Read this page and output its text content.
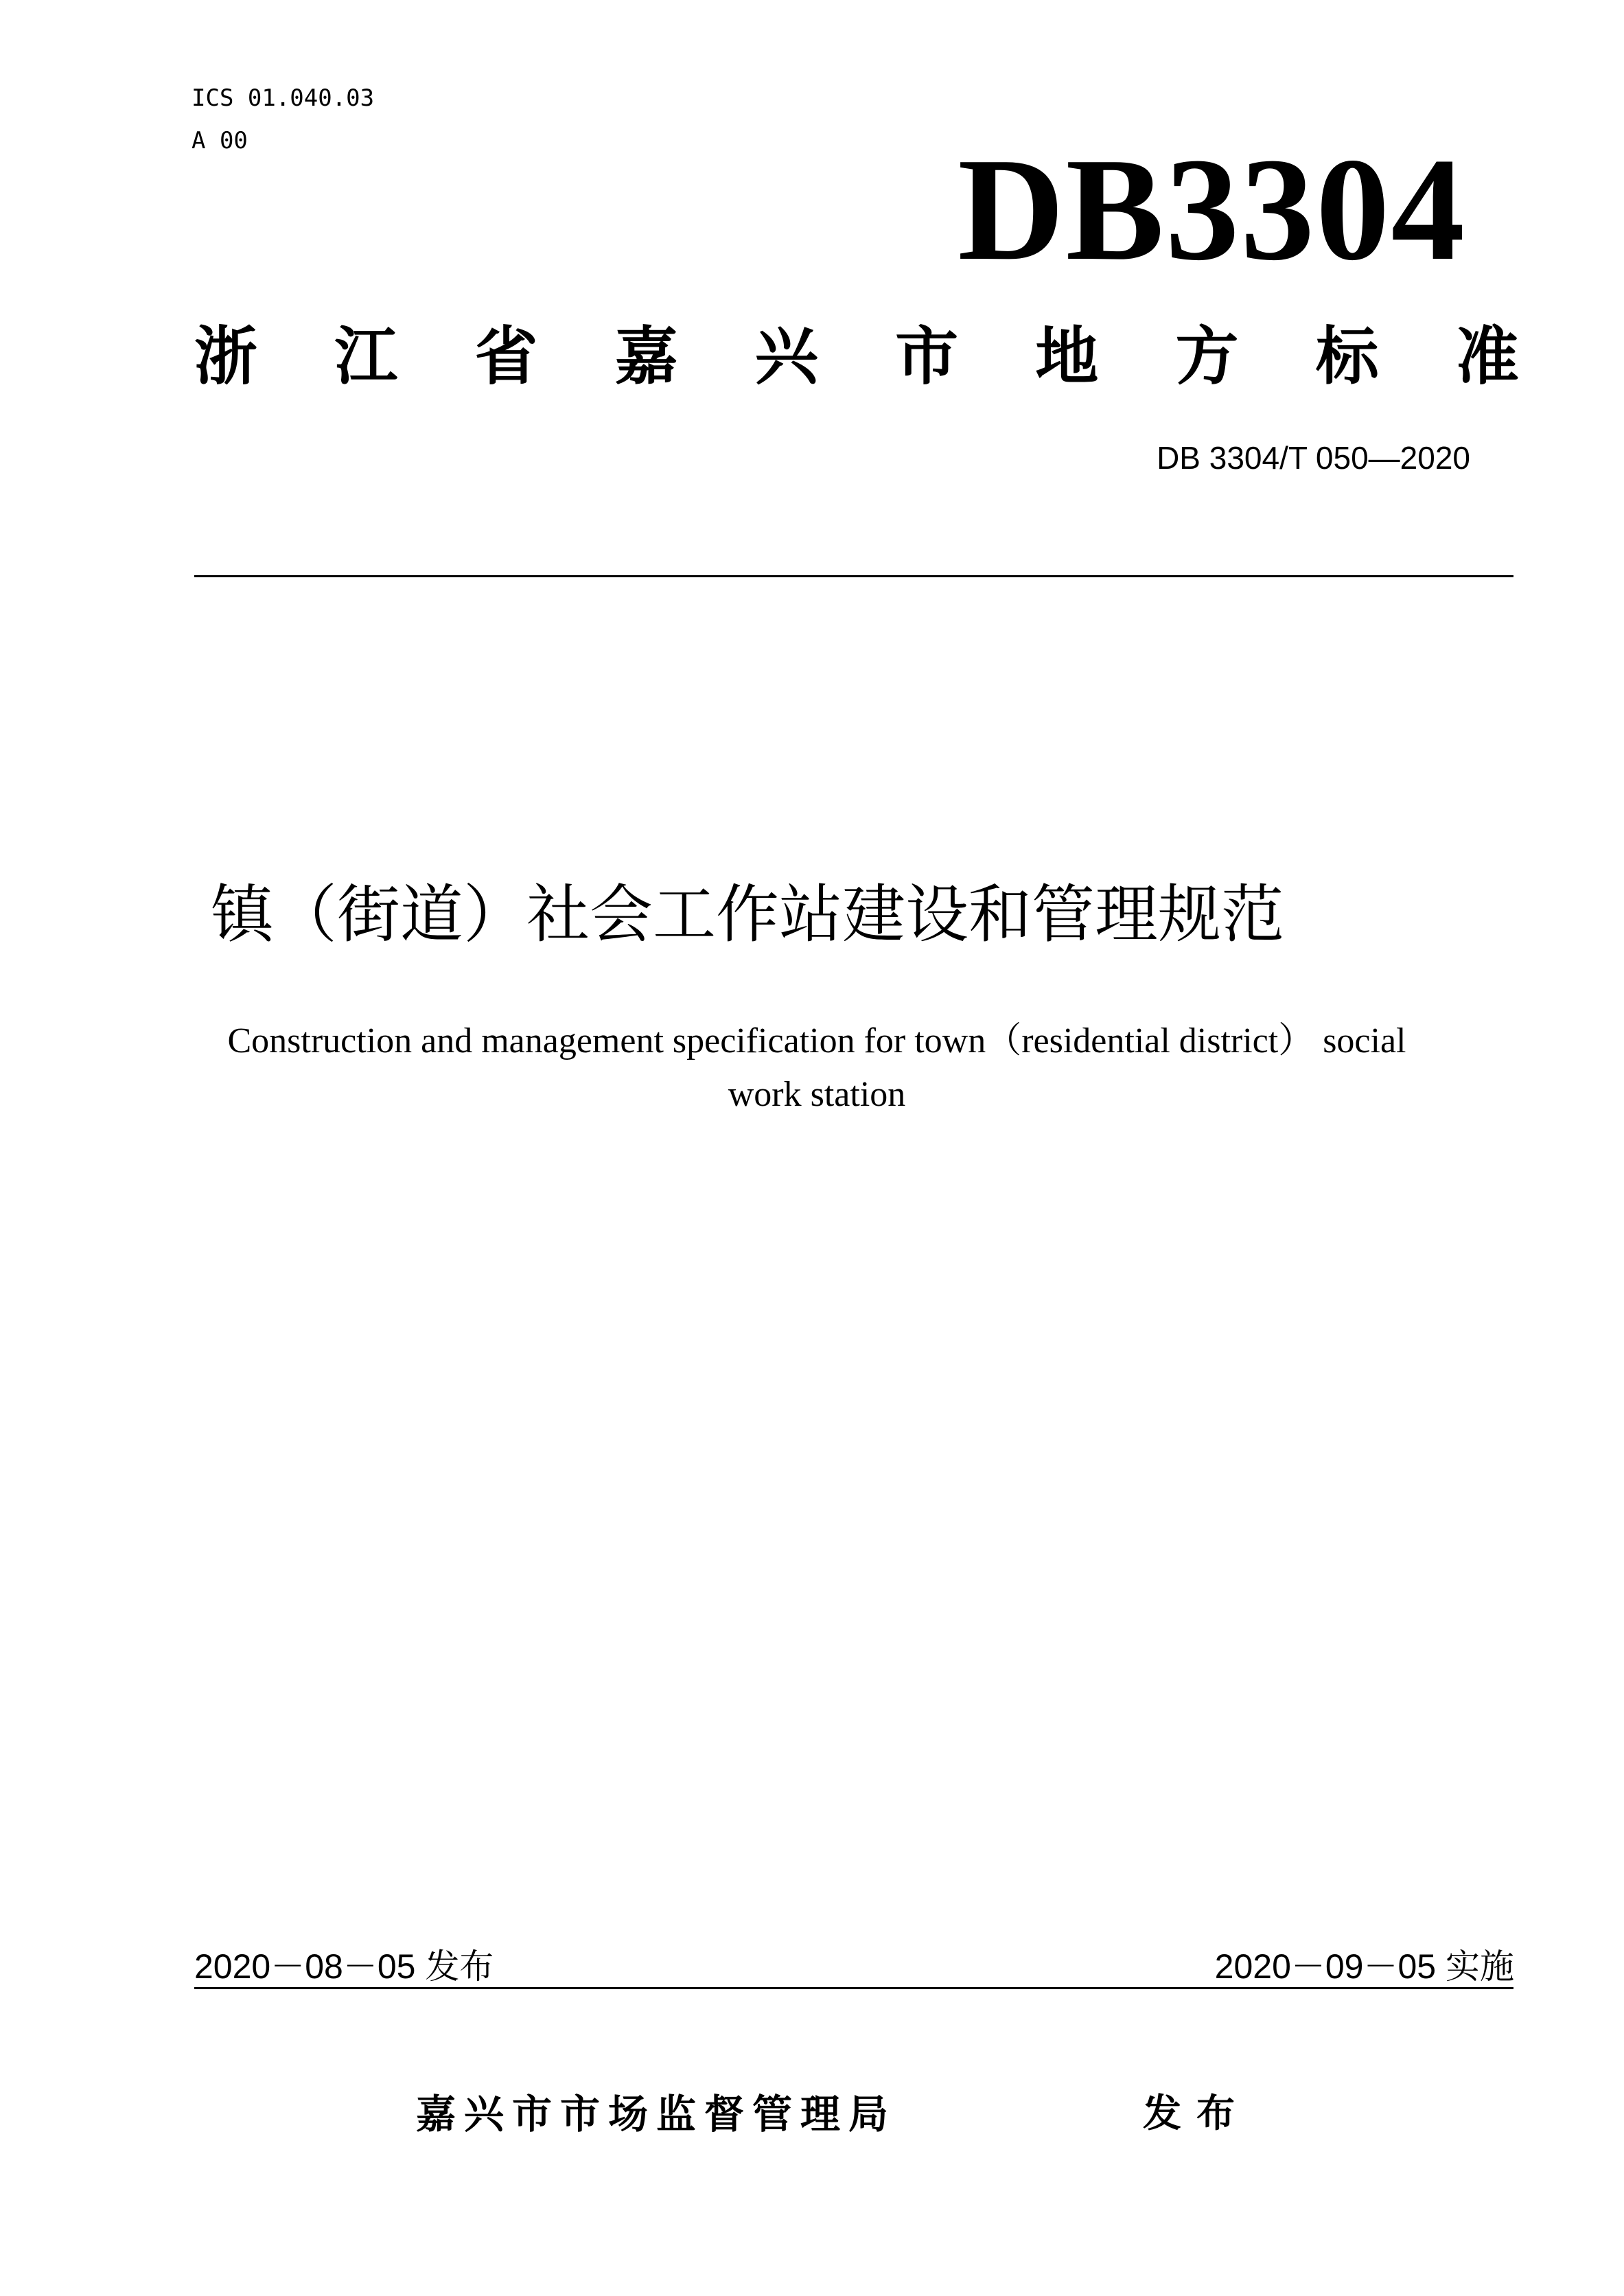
ICS 01.040.03
A 00	DB3304
浙 江 省 嘉 兴 市 地 方 标 准
DB 3304/T 050—2020
镇（街道）社会工作站建设和管理规范
Construction and management specification for town（residential district） social
work station
2020－08－05 发布	2020－09－05 实施
嘉兴市市场监督管理局	发布
